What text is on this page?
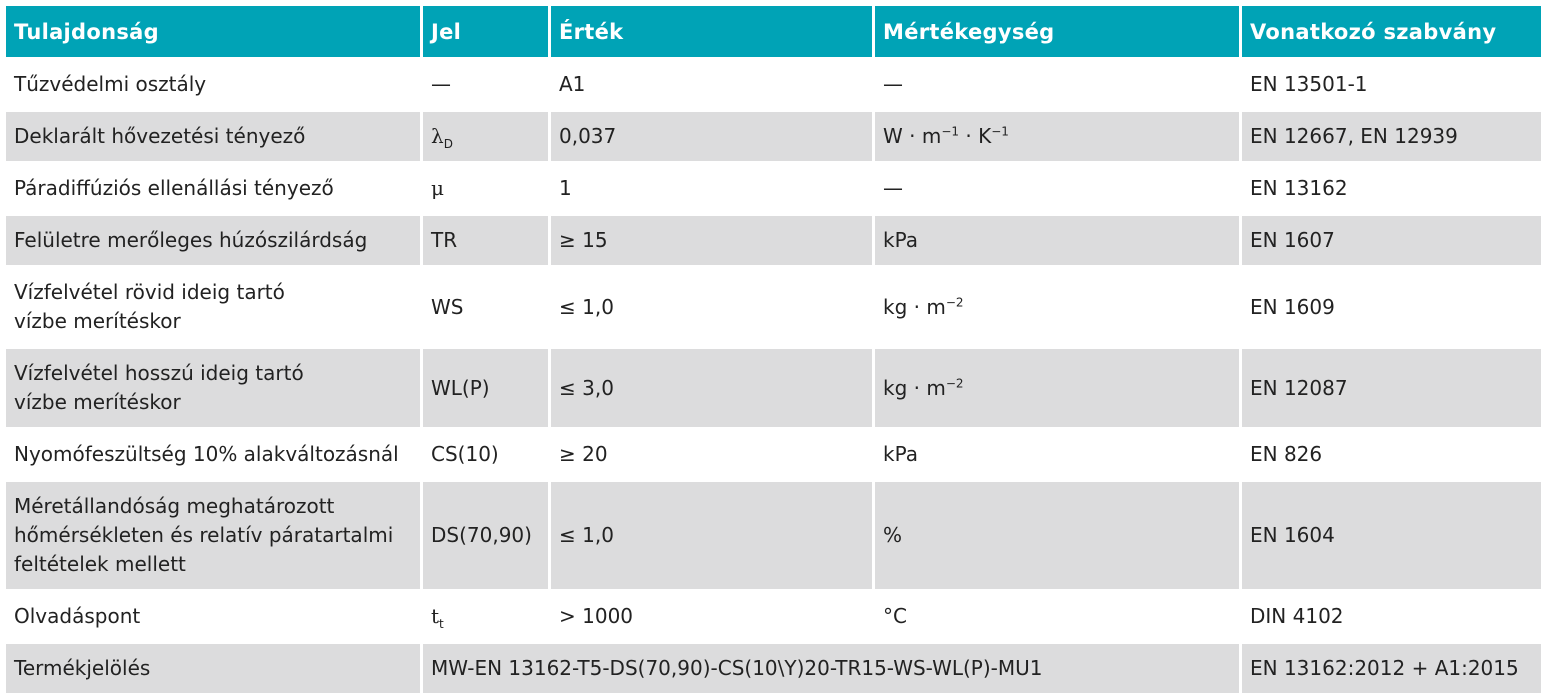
Tulajdonság	Jel	Érték	Mértékegység	Vonatkozó szabvány
Tűzvédelmi osztály	—	A1	—	EN 13501-1
Deklarált hővezetési tényező	$\lambda_D$	0,037	$W \cdot m^{-1} \cdot K^{-1}$	EN 12667, EN 12939
Páradiffúziós ellenállási tényező	μ	1	—	EN 13162
Felületre merőleges húzószilárdság	TR	≥ 15	kPa	EN 1607

Vízfelvétel rövid ideig tartó
vízbe merítéskor	WS	≤ 1,0	kg · $m^{-2}$	EN 1609

Vízfelvétel hosszú ideig tartó
vízbe merítéskor	WL(P)	≤ 3,0	kg · $m^{-2}$	EN 12087
Nyomófeszültség 10% alakváltozásnál	CS(10)	≥ 20	kPa	EN 826

Méretállandóság meghatározott
hőmérsékleten és relatív páratartalmi
feltételek mellett	DS(70,90)	≤ 1,0	%	EN 1604
Olvadáspont	$t_t$	> 1000	°C	DIN 4102
Termékjelölés	MW-EN 13162-T5-DS(70,90)-CS(10\Y)20-TR15-WS-WL(P)-MU1			EN 13162:2012 + A1:2015
